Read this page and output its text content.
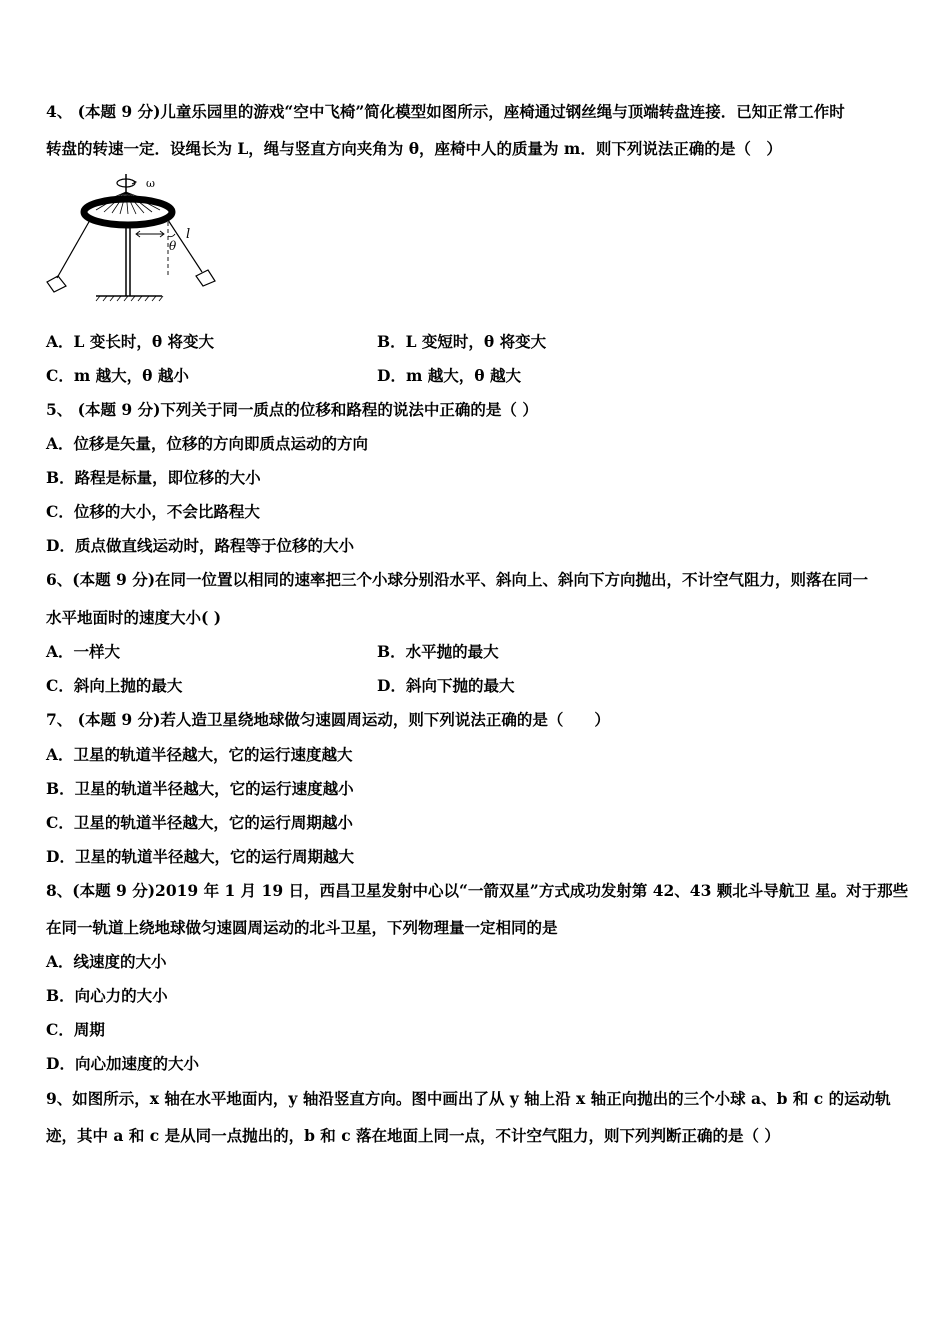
4、 (本题 9 分)儿童乐园里的游戏“空中飞椅”简化模型如图所示，座椅通过钢丝绳与顶端转盘连接．已知正常工作时
转盘的转速一定．设绳长为 L，绳与竖直方向夹角为 θ，座椅中人的质量为 m．则下列说法正确的是（　）
ω
θ
l
A．L 变长时，θ 将变大	B．L 变短时，θ 将变大
C．m 越大，θ 越小	D．m 越大，θ 越大
5、 (本题 9 分)下列关于同一质点的位移和路程的说法中正确的是（ ）
A．位移是矢量，位移的方向即质点运动的方向
B．路程是标量，即位移的大小
C．位移的大小，不会比路程大
D．质点做直线运动时，路程等于位移的大小
6、(本题 9 分)在同一位置以相同的速率把三个小球分别沿水平、斜向上、斜向下方向抛出，不计空气阻力，则落在同一
水平地面时的速度大小( )
A．一样大	B．水平抛的最大
C．斜向上抛的最大	D．斜向下抛的最大
7、 (本题 9 分)若人造卫星绕地球做匀速圆周运动，则下列说法正确的是（　　）
A．卫星的轨道半径越大，它的运行速度越大
B．卫星的轨道半径越大，它的运行速度越小
C．卫星的轨道半径越大，它的运行周期越小
D．卫星的轨道半径越大，它的运行周期越大
8、(本题 9 分)2019 年 1 月 19 日，西昌卫星发射中心以“一箭双星”方式成功发射第 42、43 颗北斗导航卫 星。对于那些
在同一轨道上绕地球做匀速圆周运动的北斗卫星，下列物理量一定相同的是
A．线速度的大小
B．向心力的大小
C．周期
D．向心加速度的大小
9、如图所示，x 轴在水平地面内，y 轴沿竖直方向。图中画出了从 y 轴上沿 x 轴正向抛出的三个小球 a、b 和 c 的运动轨
迹，其中 a 和 c 是从同一点抛出的，b 和 c 落在地面上同一点，不计空气阻力，则下列判断正确的是（ ）
